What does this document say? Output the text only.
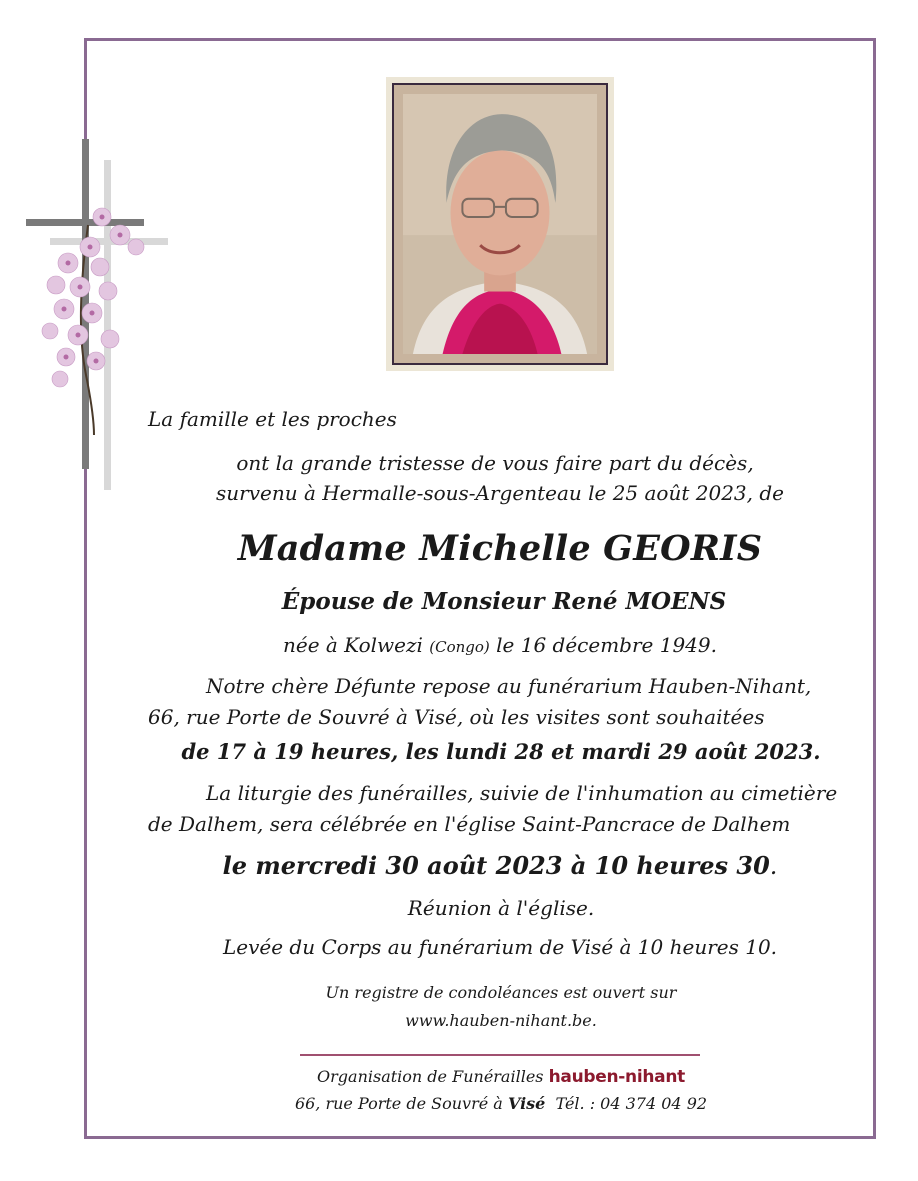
La famille et les proches
ont la grande tristesse de vous faire part du décès,
survenu à Hermalle-sous-Argenteau le 25 août 2023, de
Madame Michelle GEORIS
Épouse de Monsieur René MOENS
née à Kolwezi (Congo) le 16 décembre 1949.
Notre chère Défunte repose au funérarium Hauben-Nihant,
66, rue Porte de Souvré à Visé, où les visites sont souhaitées
de 17 à 19 heures, les lundi 28 et mardi 29 août 2023.
La liturgie des funérailles, suivie de l'inhumation au cimetière
de Dalhem, sera célébrée en l'église Saint-Pancrace de Dalhem
le mercredi 30 août 2023 à 10 heures 30.
Réunion à l'église.
Levée du Corps au funérarium de Visé à 10 heures 10.
Un registre de condoléances est ouvert sur
www.hauben-nihant.be.
Organisation de Funérailles hauben-nihant
66, rue Porte de Souvré à Visé Tél. : 04 374 04 92
